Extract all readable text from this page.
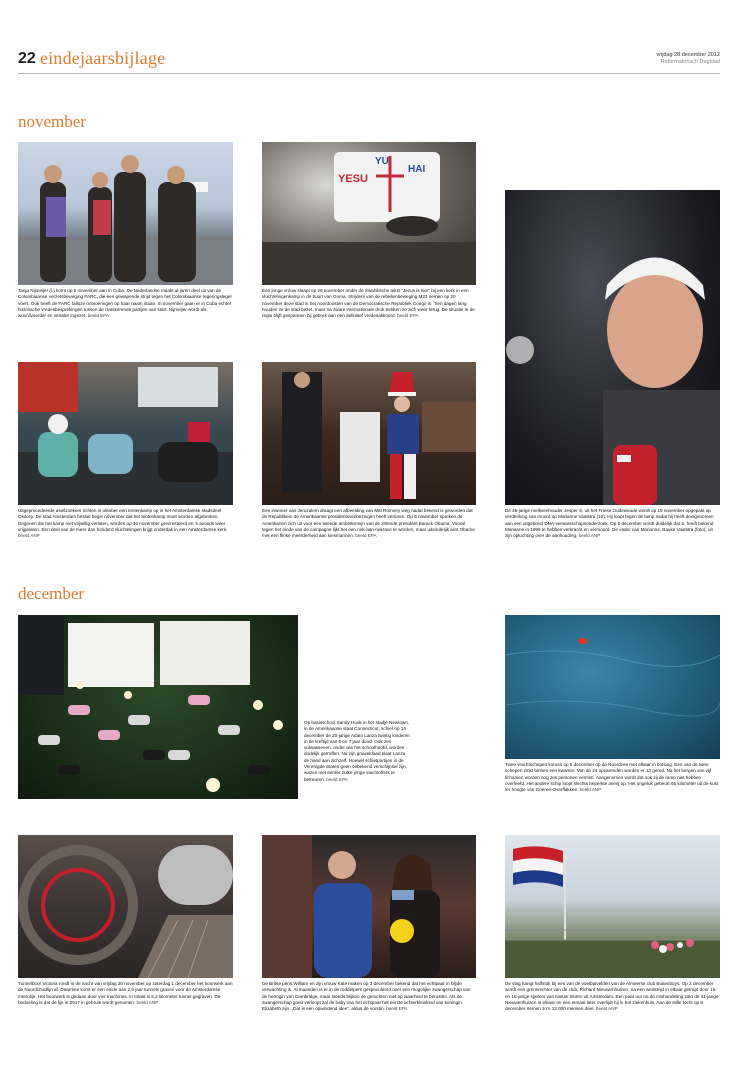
22 eindejaarsbijlage	vrijdag 28 december 2012
Reformatorisch Dagblad
november
Tanja Nijmeijer (l.) komt op 5 november aan in Cuba. De Nederlandse maakt al jaren deel uit van de Colombiaanse verzetsbeweging FARC, die een gewapende strijd tegen het Colombiaanse regeringsleger voert. Ook heeft de FARC talloze ontvoeringen op haar naam staan. In november gaan er in Cuba echter historische vredesbesprekingen tussen de rivaliserende partijen van start. Nijmeijer wordt als woordvoerder en vertaler ingezet. beeld EPA
YESU
YU
HAI
Een jonge vrouw slaapt op 28 november onder de Swahilische tekst “Jezus is hier” bij een kerk in een vluchtelingenkamp in de buurt van Goma. Strijders van de rebellenbeweging M23 nemen op 20 november deze stad in het noordoosten van de Democratische Republiek Congo in. Tien dagen lang houden ze de stad bezet, maar na zware internationale druk trekken ze zich weer terug. De situatie in de regio blijft gespannen bij gebrek aan een definitief vredesakkoord. beeld EPA
De 45-jarige melkveehouder Jesper S. uit het Friese Oudewoude wordt op 19 november opgepakt op verdenking van moord op Marianne Vaatstra (16). Hij loopt tegen de lamp nadat hij heeft deelgenomen aan een uitgebreid DNA-verwantschapsonderzoek. Op 6 december wordt duidelijk dat S. heeft bekend Marianne in 1999 te hebben verkracht en vermoord. De vader van Marianne, Bauke Vaatstra (foto), uit zijn opluchting over de aanhouding. beeld ANP
Uitgeprocedeerde asielzoekers richten in oktober een tentenkamp op in het Amsterdamse stadsdeel Osdorp. De stad Amsterdam besluit begin november dat het tentenkamp moet worden afgebroken. Degenen die het kamp niet vrijwillig verlaten, worden op 30 november gearresteerd en ’s avonds weer vrijgelaten. Een deel van de meer dan honderd vluchtelingen krijgt onderdak in een Amsterdamse kerk. beeld ANP
Een inwoner van Jeruzalem draagt een afbeelding van Mitt Romney weg nadat bekend is geworden dat de Republikein de Amerikaanse presidentsverkiezingen heeft verloren. Op 6 november spreken de Amerikanen zich uit voor een tweede ambtstermijn van de zittende president Barack Obama. Vooral tegen het einde van de campagne lijkt het een nek-aan-nekrace te worden, maar uiteindelijk wint Obama met een flinke meerderheid aan kiesmannen. beeld EPA
december
Op basisschool Sandy Hook in het stadje Newtown, in de Amerikaanse staat Connecticut, schiet op 14 december de 20-jarige Adam Lanza twintig kinderen in de leeftijd van 6 en 7 jaar dood. Ook zes volwassenen, onder wie het schoolhoofd, worden dodelijk getroffen. Na zijn gruweldaad slaat Lanza de hand aan zichzelf. Hoewel schietpartijen in de Verenigde Staten geen onbekend verschijnsel zijn, wazen niet eerder zulke jonge slachtoffers te betreuren. beeld EPA
Twee vrachtschepen komen op 5 december op de Noordzee met elkaar in botsing. Een van de twee schepen zinkt binnen een kwartier. Van de 24 opvarenden worden er 13 gered. Na het bergen van vijf lichamen worden nog zes personen vermist. Aangenomen wordt dat ook zij de ramp niet hebben overleefd. Het andere schip loopt slechts beperkte averij op. Het ongeluk gebeurt 65 kilometer uit de kust ter hoogte van Goeree-Overflakkee. beeld ANP
Tunnelboor Victoria rondt in de nacht van vrijdag 30 november op zaterdag 1 december het boorwerk aan de Noord/Zuidlijn af. Daarmee komt er een einde aan 2,5 jaar tunnels graven voor de Amsterdamse metrolijn. Het boorwerk is gedaan door vier machines. In totaal is 6,2 kilometer tunnel gegraven. De bedoeling is dat de lijn in 2017 in gebruik wordt genomen. beeld ANP
De Britse prins William en zijn vrouw Kate maken op 3 december bekend dat het echtpaar in blijde verwachting is. Al maanden is er in de roddelpers gespeculeerd over een mogelijke zwangerschap van de hertogin van Cambridge, maar steeds blijken de geruchten niet op waarheid te berusten. Als de zwangerschap goed verloopt zal de baby van het echtpaar het eerste achterkleinkind van koningin Elizabeth zijn. „Dat is een opwindend idee”, aldus de vorstin. beeld EPA
De vlag hangt halfstok bij een van de voetbalvelden van de Almeerse club Buitenboys. Op 2 december wordt een grensrechter van de club, Richard Nieuwenhuizen, na een wedstrijd in elkaar getrapt door 15- en 16-jarige spelers van Nieuw Sloten uit Amsterdam. Een paar uur na de mishandeling zakt de 41-jarige Nieuwenhuizen in elkaar en een etmaal later overlijdt hij in het ziekenhuis. Aan de stille tocht op 9 december nemen zo’n 12.000 mensen deel. beeld ANP
